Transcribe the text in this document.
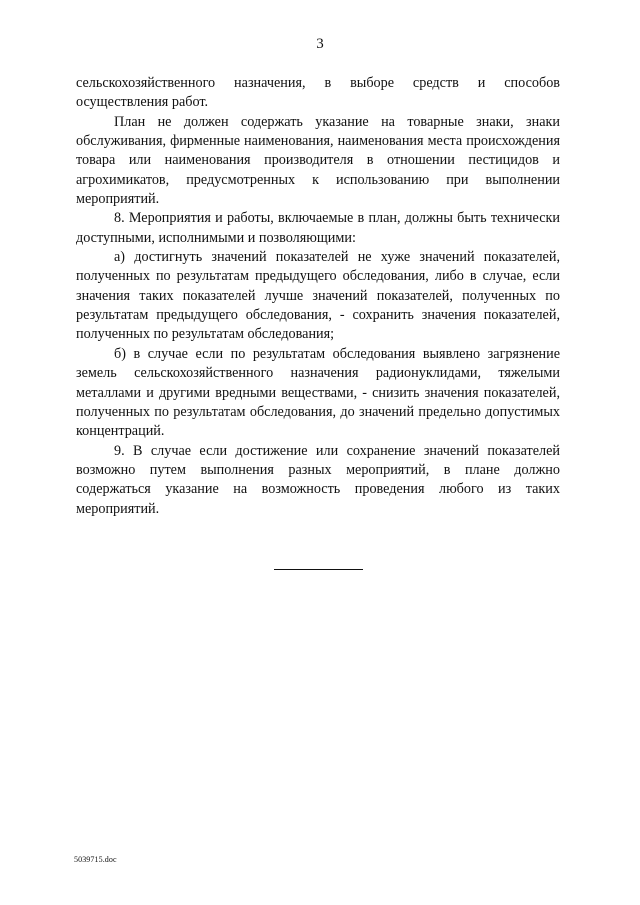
3

сельскохозяйственного назначения, в выборе средств и способов осуществления работ.

План не должен содержать указание на товарные знаки, знаки обслуживания, фирменные наименования, наименования места происхождения товара или наименования производителя в отношении пестицидов и агрохимикатов, предусмотренных к использованию при выполнении мероприятий.

8. Мероприятия и работы, включаемые в план, должны быть технически доступными, исполнимыми и позволяющими:

а) достигнуть значений показателей не хуже значений показателей, полученных по результатам предыдущего обследования, либо в случае, если значения таких показателей лучше значений показателей, полученных по результатам предыдущего обследования, - сохранить значения показателей, полученных по результатам обследования;

б) в случае если по результатам обследования выявлено загрязнение земель сельскохозяйственного назначения радионуклидами, тяжелыми металлами и другими вредными веществами, - снизить значения показателей, полученных по результатам обследования, до значений предельно допустимых концентраций.

9. В случае если достижение или сохранение значений показателей возможно путем выполнения разных мероприятий, в плане должно содержаться указание на возможность проведения любого из таких мероприятий.

5039715.doc
